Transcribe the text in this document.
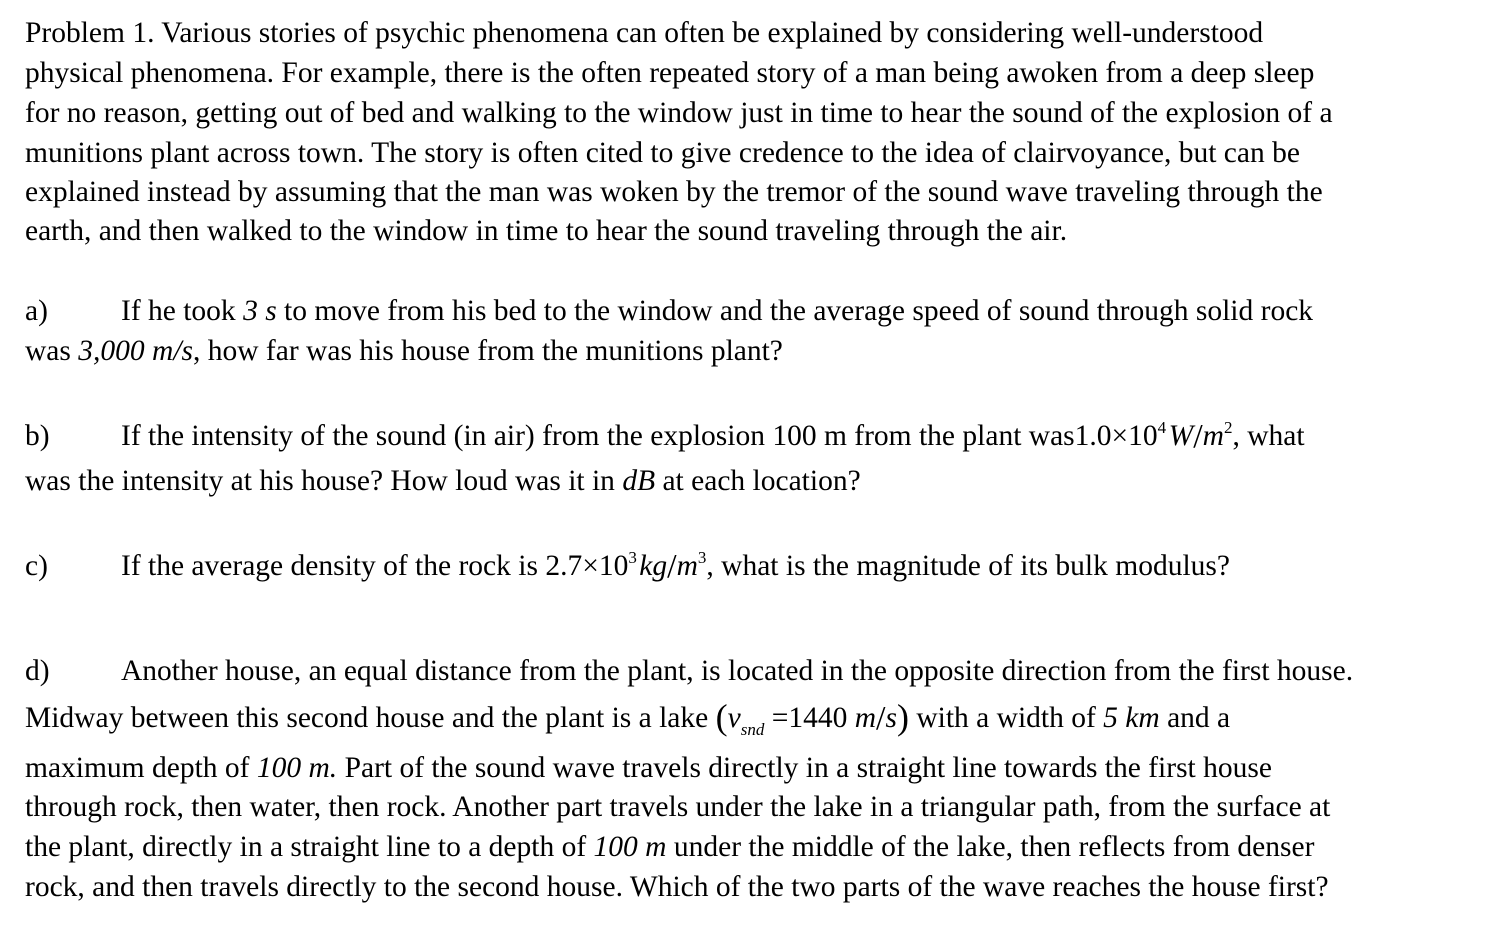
Problem 1. Various stories of psychic phenomena can often be explained by considering well-understood
physical phenomena. For example, there is the often repeated story of a man being awoken from a deep sleep
for no reason, getting out of bed and walking to the window just in time to hear the sound of the explosion of a
munitions plant across town. The story is often cited to give credence to the idea of clairvoyance, but can be
explained instead by assuming that the man was woken by the tremor of the sound wave traveling through the
earth, and then walked to the window in time to hear the sound traveling through the air.
a) If he took 3 s to move from his bed to the window and the average speed of sound through solid rock
was 3,000 m/s, how far was his house from the munitions plant?
b) If the intensity of the sound (in air) from the explosion 100 m from the plant $was1.0\times 10^4$ $W/m^2$, what
was the intensity at his house? How loud was it in dB at each location?
c) If the average density of the rock is $2.7\times 10^3$ $kg/m^3$, what is the magnitude of its bulk modulus?
d) Another house, an equal distance from the plant, is located in the opposite direction from the first house.
Midway between this second house and the plant is a lake ($v_{snd} =1440$ m/s) with a width of 5 km and a
maximum depth of 100 m. Part of the sound wave travels directly in a straight line towards the first house
through rock, then water, then rock. Another part travels under the lake in a triangular path, from the surface at
the plant, directly in a straight line to a depth of 100 m under the middle of the lake, then reflects from denser
rock, and then travels directly to the second house. Which of the two parts of the wave reaches the house first?
